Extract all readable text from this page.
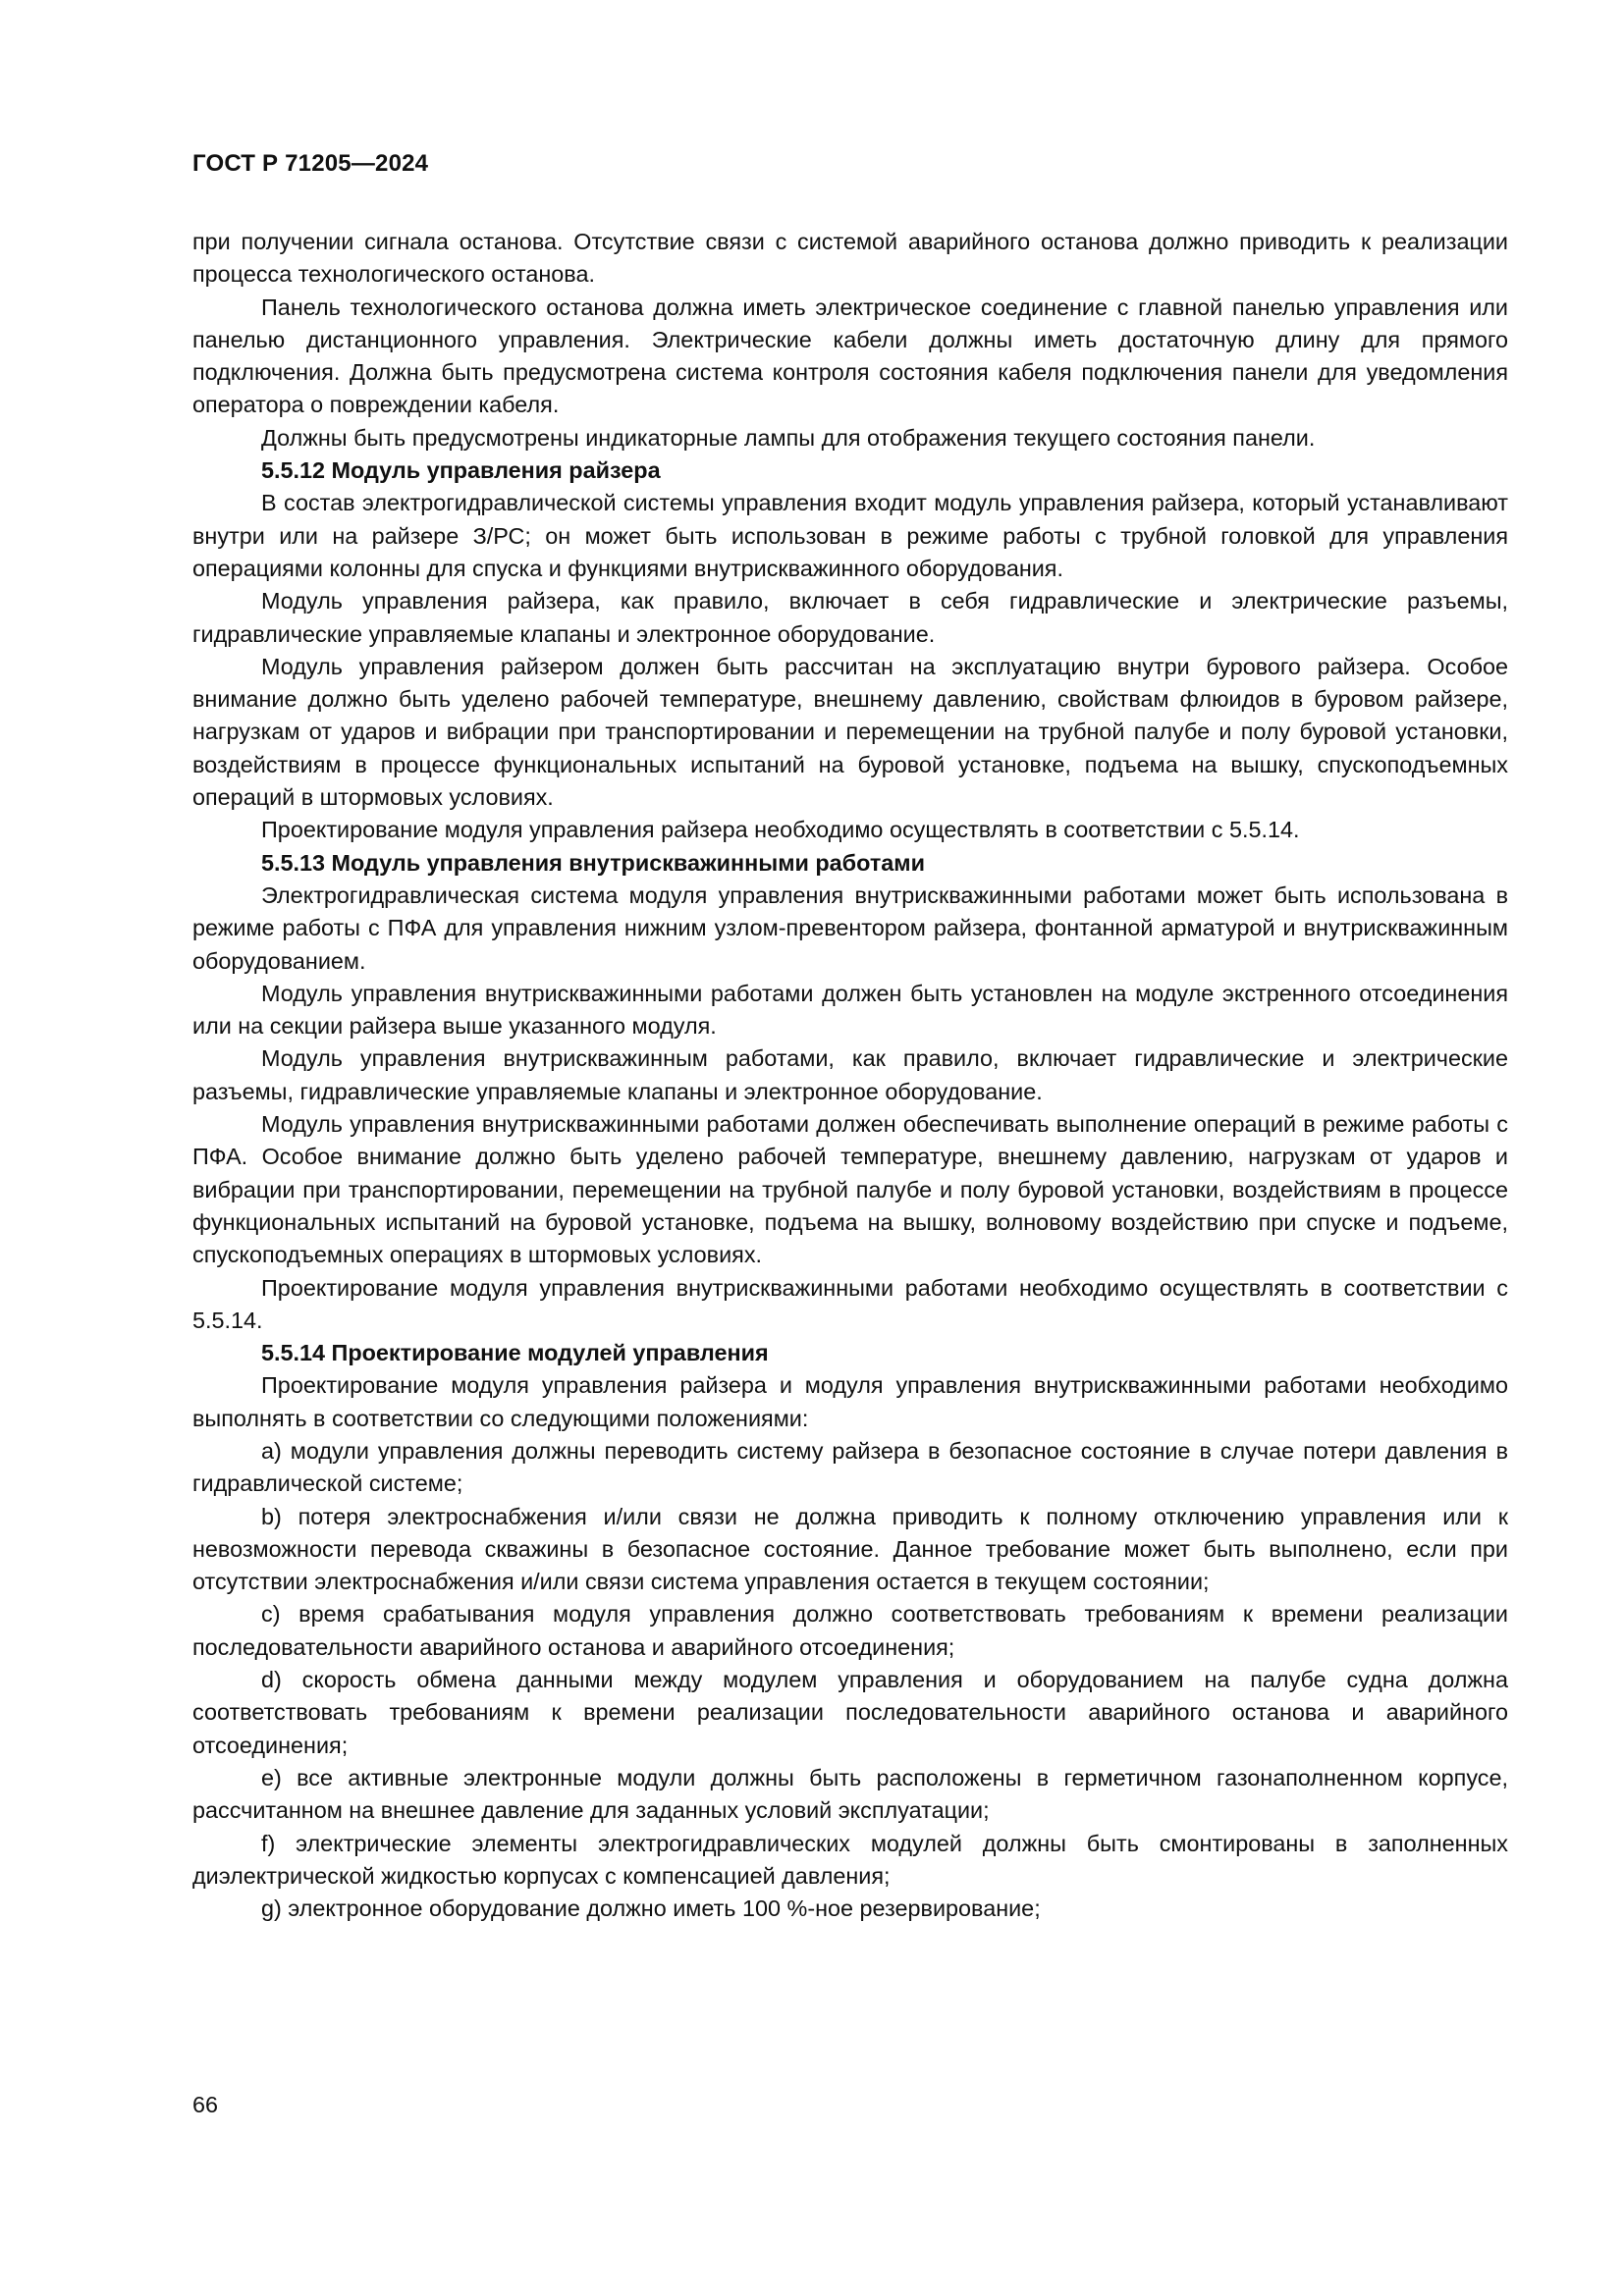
ГОСТ Р 71205—2024

при получении сигнала останова. Отсутствие связи с системой аварийного останова должно приводить к реализации процесса технологического останова.

Панель технологического останова должна иметь электрическое соединение с главной панелью управления или панелью дистанционного управления. Электрические кабели должны иметь достаточную длину для прямого подключения. Должна быть предусмотрена система контроля состояния кабеля подключения панели для уведомления оператора о повреждении кабеля.

Должны быть предусмотрены индикаторные лампы для отображения текущего состояния панели.

5.5.12 Модуль управления райзера

В состав электрогидравлической системы управления входит модуль управления райзера, который устанавливают внутри или на райзере З/РС; он может быть использован в режиме работы с трубной головкой для управления операциями колонны для спуска и функциями внутрискважинного оборудования.

Модуль управления райзера, как правило, включает в себя гидравлические и электрические разъемы, гидравлические управляемые клапаны и электронное оборудование.

Модуль управления райзером должен быть рассчитан на эксплуатацию внутри бурового райзера. Особое внимание должно быть уделено рабочей температуре, внешнему давлению, свойствам флюидов в буровом райзере, нагрузкам от ударов и вибрации при транспортировании и перемещении на трубной палубе и полу буровой установки, воздействиям в процессе функциональных испытаний на буровой установке, подъема на вышку, спускоподъемных операций в штормовых условиях.

Проектирование модуля управления райзера необходимо осуществлять в соответствии с 5.5.14.

5.5.13 Модуль управления внутрискважинными работами

Электрогидравлическая система модуля управления внутрискважинными работами может быть использована в режиме работы с ПФА для управления нижним узлом-превентором райзера, фонтанной арматурой и внутрискважинным оборудованием.

Модуль управления внутрискважинными работами должен быть установлен на модуле экстренного отсоединения или на секции райзера выше указанного модуля.

Модуль управления внутрискважинным работами, как правило, включает гидравлические и электрические разъемы, гидравлические управляемые клапаны и электронное оборудование.

Модуль управления внутрискважинными работами должен обеспечивать выполнение операций в режиме работы с ПФА. Особое внимание должно быть уделено рабочей температуре, внешнему давлению, нагрузкам от ударов и вибрации при транспортировании, перемещении на трубной палубе и полу буровой установки, воздействиям в процессе функциональных испытаний на буровой установке, подъема на вышку, волновому воздействию при спуске и подъеме, спускоподъемных операциях в штормовых условиях.

Проектирование модуля управления внутрискважинными работами необходимо осуществлять в соответствии с 5.5.14.

5.5.14 Проектирование модулей управления

Проектирование модуля управления райзера и модуля управления внутрискважинными работами необходимо выполнять в соответствии со следующими положениями:

a) модули управления должны переводить систему райзера в безопасное состояние в случае потери давления в гидравлической системе;

b) потеря электроснабжения и/или связи не должна приводить к полному отключению управления или к невозможности перевода скважины в безопасное состояние. Данное требование может быть выполнено, если при отсутствии электроснабжения и/или связи система управления остается в текущем состоянии;

c) время срабатывания модуля управления должно соответствовать требованиям к времени реализации последовательности аварийного останова и аварийного отсоединения;

d) скорость обмена данными между модулем управления и оборудованием на палубе судна должна соответствовать требованиям к времени реализации последовательности аварийного останова и аварийного отсоединения;

e) все активные электронные модули должны быть расположены в герметичном газонаполненном корпусе, рассчитанном на внешнее давление для заданных условий эксплуатации;

f) электрические элементы электрогидравлических модулей должны быть смонтированы в заполненных диэлектрической жидкостью корпусах с компенсацией давления;

g) электронное оборудование должно иметь 100 %-ное резервирование;

66
